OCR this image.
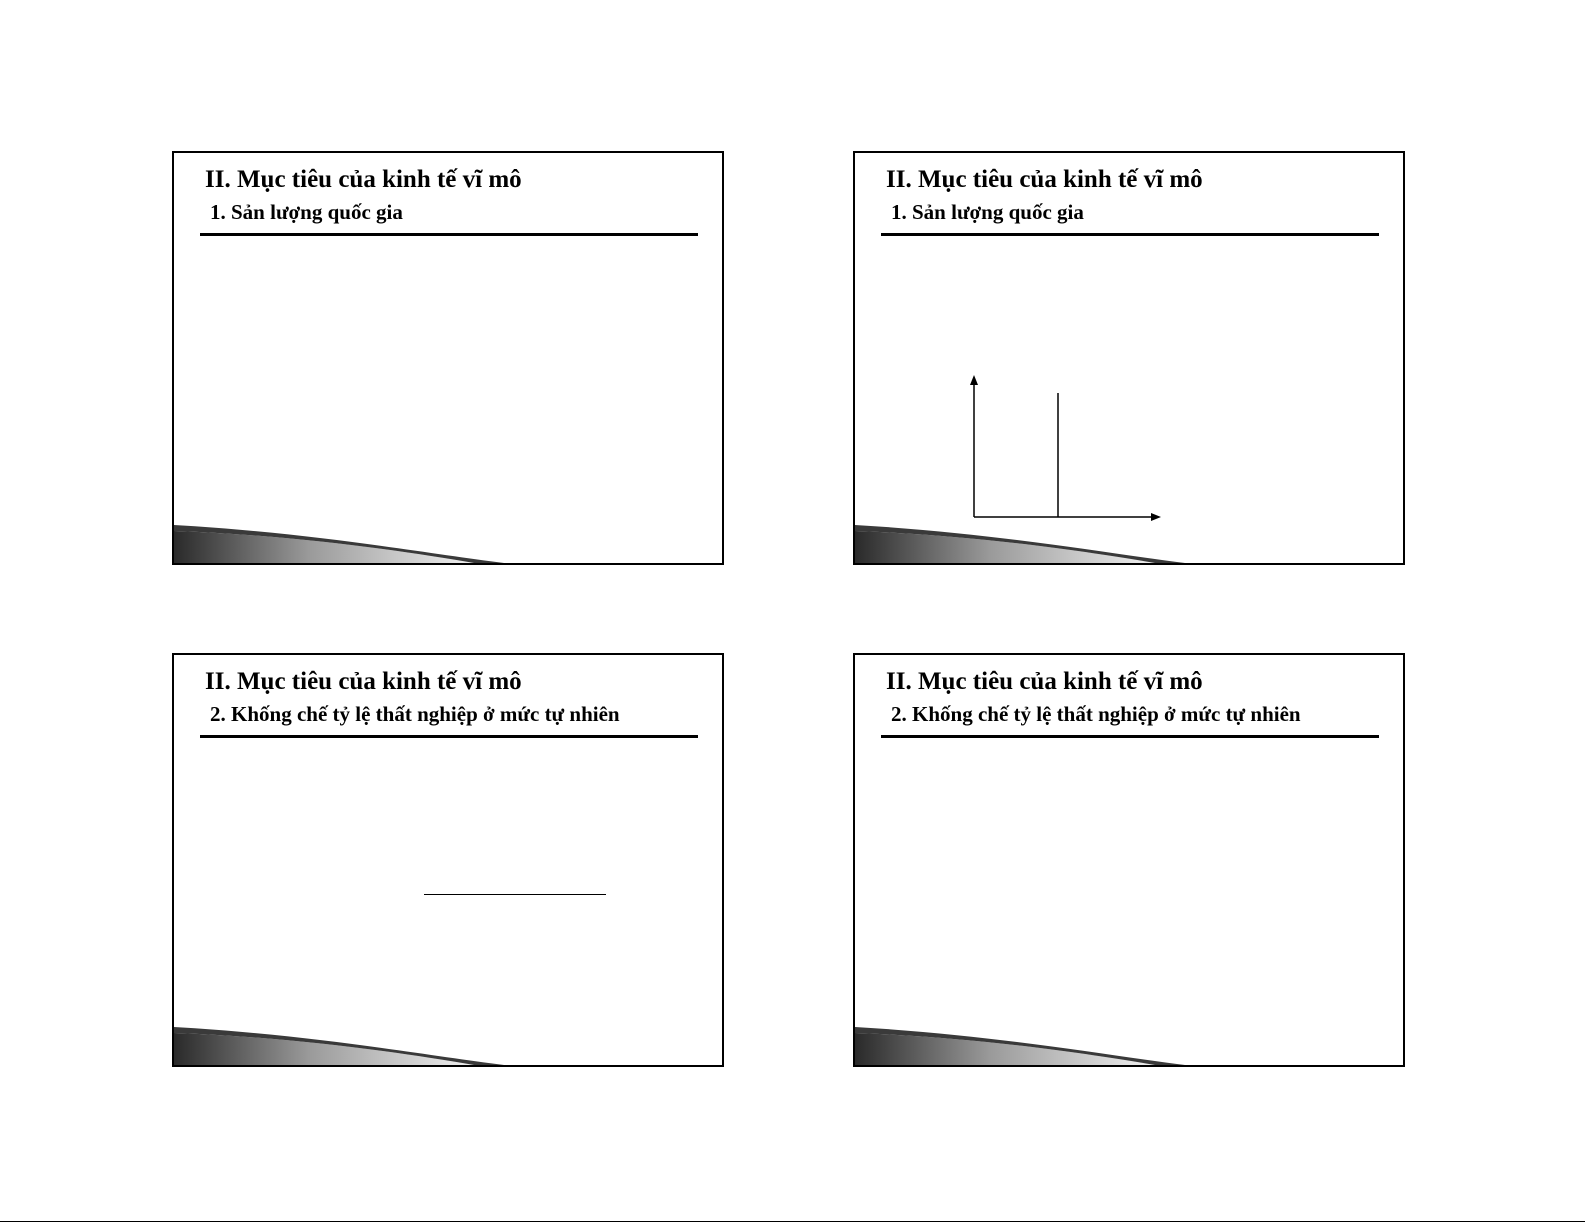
II. Mục tiêu của kinh tế vĩ mô
1. Sản lượng quốc gia
II. Mục tiêu của kinh tế vĩ mô
1. Sản lượng quốc gia
II. Mục tiêu của kinh tế vĩ mô
2. Khống chế tỷ lệ thất nghiệp ở mức tự nhiên
II. Mục tiêu của kinh tế vĩ mô
2. Khống chế tỷ lệ thất nghiệp ở mức tự nhiên
